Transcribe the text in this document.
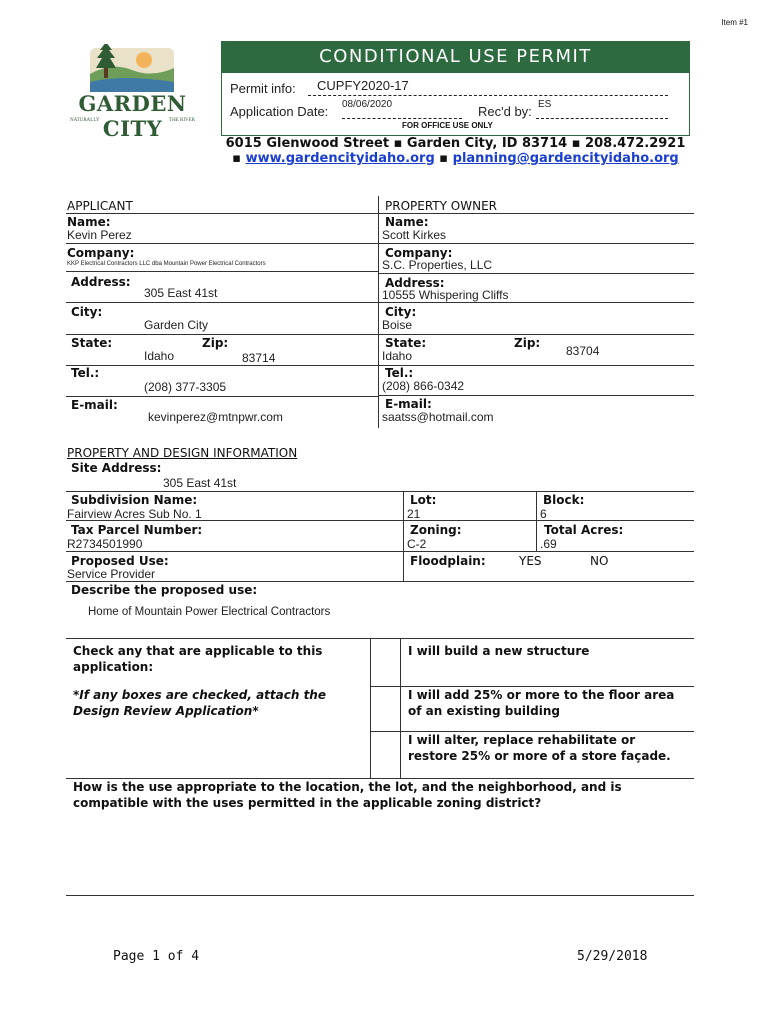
Item #1
GARDEN CITY
NATURALLY	THE RIVER
CONDITIONAL USE PERMIT
Permit info: CUPFY2020-17
Application Date: 08/06/2020	Rec'd by: ES
FOR OFFICE USE ONLY
6015 Glenwood Street ▪ Garden City, ID 83714 ▪ 208.472.2921
▪ www.gardencityidaho.org ▪ planning@gardencityidaho.org
APPLICANT	PROPERTY OWNER
Name:
Kevin Perez
Company:
KKP Electrical Contractors LLC dba Mountain Power Electrical Contractors
Address:
305 East 41st
City:
Garden City
State:	Zip:
Idaho	83714
Tel.:
(208) 377-3305
E-mail:
kevinperez@mtnpwr.com
Name:
Scott Kirkes
Company:
S.C. Properties, LLC
Address:
10555 Whispering Cliffs
City:
Boise
State:	Zip:
Idaho	83704
Tel.:
(208) 866-0342
E-mail:
saatss@hotmail.com
PROPERTY AND DESIGN INFORMATION
Site Address:
305 East 41st
Subdivision Name:
Fairview Acres Sub No. 1
Lot:
21
Block:
6
Tax Parcel Number:
R2734501990
Zoning:
C-2
Total Acres:
.69
Proposed Use:
Service Provider
Floodplain:	YES	NO
Describe the proposed use:
Home of Mountain Power Electrical Contractors
Check any that are applicable to this application:
*If any boxes are checked, attach the Design Review Application*
I will build a new structure
I will add 25% or more to the floor area of an existing building
I will alter, replace rehabilitate or restore 25% or more of a store façade.
How is the use appropriate to the location, the lot, and the neighborhood, and is compatible with the uses permitted in the applicable zoning district?
Page 1 of 4	5/29/2018
